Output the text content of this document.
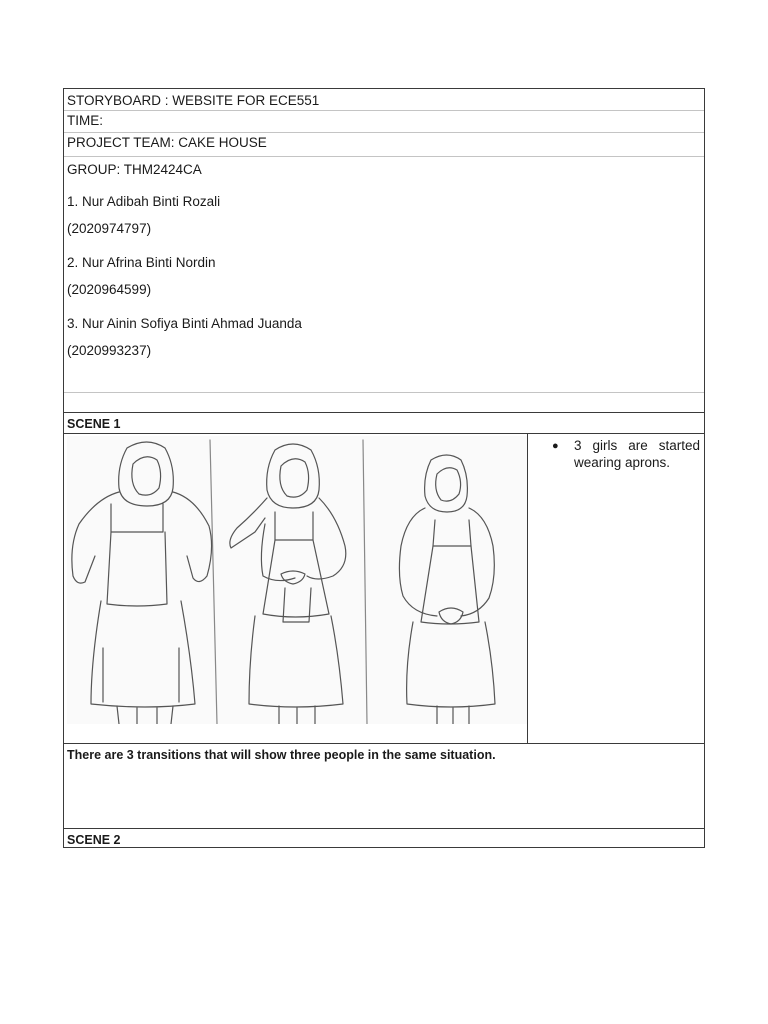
STORYBOARD : WEBSITE FOR ECE551
TIME:
PROJECT TEAM: CAKE HOUSE
GROUP: THM2424CA
1. Nur Adibah Binti Rozali
(2020974797)
2. Nur Afrina Binti Nordin
(2020964599)
3. Nur Ainin Sofiya Binti Ahmad Juanda
(2020993237)
SCENE 1
● 3 girls are started wearing aprons.
There are 3 transitions that will show three people in the same situation.
SCENE 2
